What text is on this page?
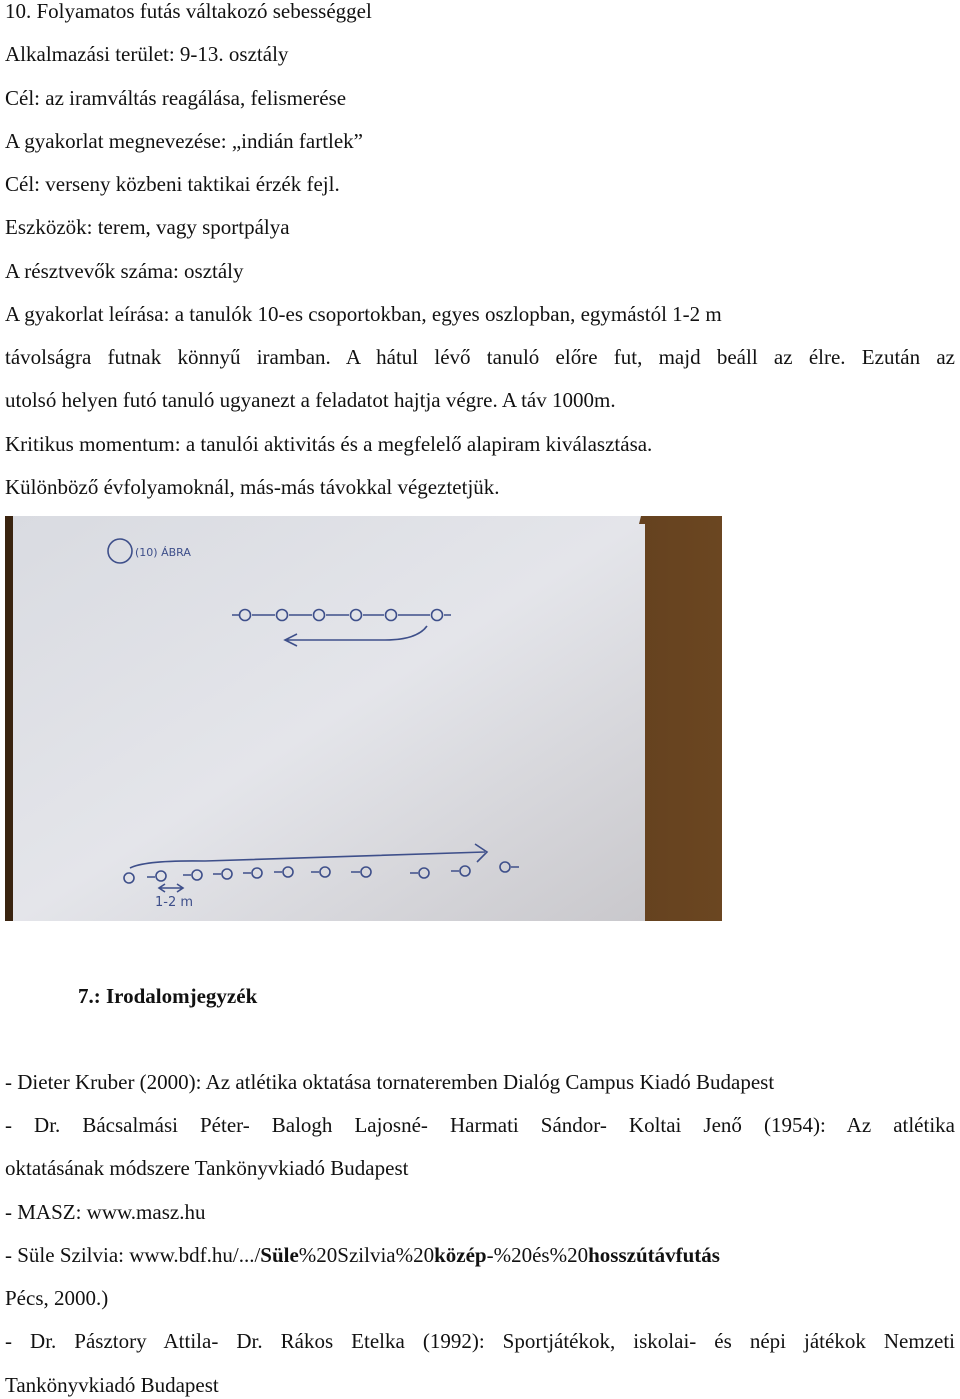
10. Folyamatos futás váltakozó sebességgel
Alkalmazási terület: 9-13. osztály
Cél: az iramváltás reagálása, felismerése
A gyakorlat megnevezése: „indián fartlek”
Cél: verseny közbeni taktikai érzék fejl.
Eszközök: terem, vagy sportpálya
A résztvevők száma: osztály
A gyakorlat leírása: a tanulók 10-es csoportokban, egyes oszlopban, egymástól 1-2 m
távolságra futnak könnyű iramban. A hátul lévő tanuló előre fut, majd beáll az élre. Ezután az
utolsó helyen futó tanuló ugyanezt a feladatot hajtja végre. A táv 1000m.
Kritikus momentum: a tanulói aktivitás és a megfelelő alapiram kiválasztása.
Különböző évfolyamoknál, más-más távokkal végeztetjük.
(10) ÁBRA
1-2 m
7.: Irodalomjegyzék
- Dieter Kruber (2000): Az atlétika oktatása tornateremben Dialóg Campus Kiadó Budapest
- Dr. Bácsalmási Péter- Balogh Lajosné- Harmati Sándor- Koltai Jenő (1954): Az atlétika
oktatásának módszere Tankönyvkiadó Budapest
- MASZ: www.masz.hu
- Süle Szilvia: www.bdf.hu/.../Süle%20Szilvia%20közép-%20és%20hosszútávfutás
Pécs, 2000.)
- Dr. Pásztory Attila- Dr. Rákos Etelka (1992): Sportjátékok, iskolai- és népi játékok Nemzeti
Tankönyvkiadó Budapest
